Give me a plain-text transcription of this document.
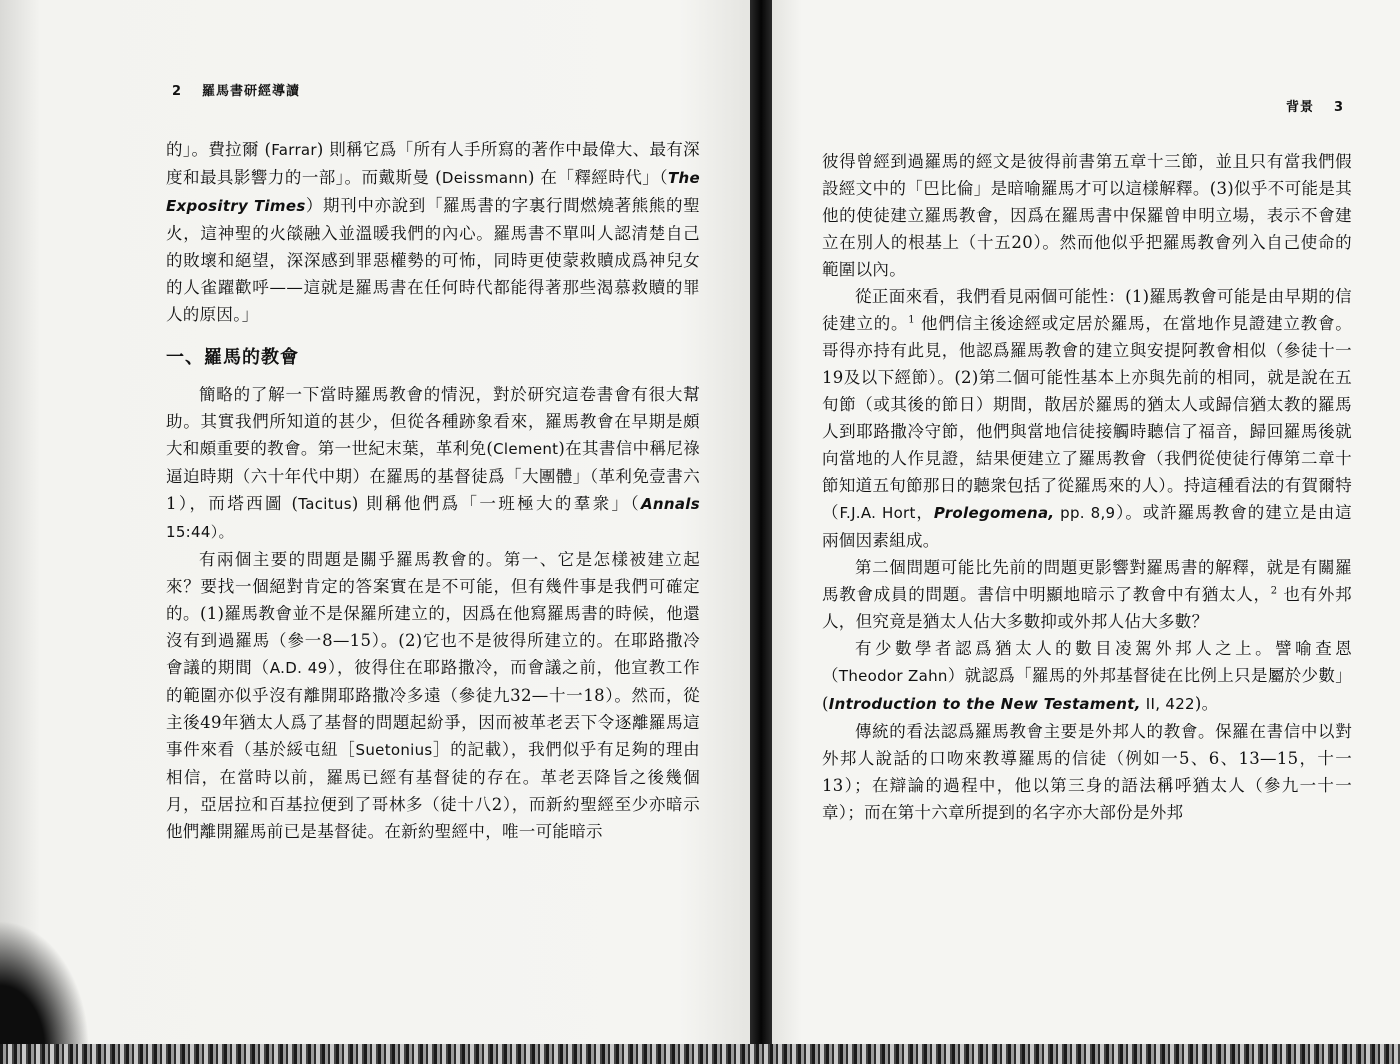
2 羅馬書研經導讀

的」。費拉爾 (Farrar) 則稱它爲「所有人手所寫的著作中最偉大、最有深度和最具影響力的一部」。而戴斯曼 (Deissmann) 在「釋經時代」（The Expositry Times）期刊中亦說到「羅馬書的字裏行間燃燒著熊熊的聖火，這神聖的火燄融入並溫暖我們的內心。羅馬書不單叫人認清楚自己的敗壞和絕望，深深感到罪惡權勢的可怖，同時更使蒙救贖成爲神兒女的人雀躍歡呼——這就是羅馬書在任何時代都能得著那些渴慕救贖的罪人的原因。」

一、羅馬的教會

簡略的了解一下當時羅馬教會的情況，對於研究這卷書會有很大幫助。其實我們所知道的甚少，但從各種跡象看來，羅馬教會在早期是頗大和頗重要的教會。第一世紀末葉，革利免(Clement)在其書信中稱尼祿逼迫時期（六十年代中期）在羅馬的基督徒爲「大團體」（革利免壹書六1），而塔西圖 (Tacitus) 則稱他們爲「一班極大的羣衆」（Annals 15:44）。

有兩個主要的問題是關乎羅馬教會的。第一、它是怎樣被建立起來？要找一個絕對肯定的答案實在是不可能，但有幾件事是我們可確定的。(1)羅馬教會並不是保羅所建立的，因爲在他寫羅馬書的時候，他還沒有到過羅馬（參一8—15）。(2)它也不是彼得所建立的。在耶路撒冷會議的期間（A.D. 49），彼得住在耶路撒冷，而會議之前，他宣教工作的範圍亦似乎沒有離開耶路撒冷多遠（參徒九32—十一18）。然而，從主後49年猶太人爲了基督的問題起紛爭，因而被革老丟下令逐離羅馬這事件來看（基於綏屯紐［Suetonius］的記載），我們似乎有足夠的理由相信，在當時以前，羅馬已經有基督徒的存在。革老丟降旨之後幾個月，亞居拉和百基拉便到了哥林多（徒十八2），而新約聖經至少亦暗示他們離開羅馬前已是基督徒。在新約聖經中，唯一可能暗示

背景 3

彼得曾經到過羅馬的經文是彼得前書第五章十三節，並且只有當我們假設經文中的「巴比倫」是暗喻羅馬才可以這樣解釋。(3)似乎不可能是其他的使徒建立羅馬教會，因爲在羅馬書中保羅曾申明立場，表示不會建立在別人的根基上（十五20）。然而他似乎把羅馬教會列入自己使命的範圍以內。

從正面來看，我們看見兩個可能性：(1)羅馬教會可能是由早期的信徒建立的。$^1$ 他們信主後途經或定居於羅馬，在當地作見證建立教會。哥得亦持有此見，他認爲羅馬教會的建立與安提阿教會相似（參徒十一19及以下經節）。(2)第二個可能性基本上亦與先前的相同，就是說在五旬節（或其後的節日）期間，散居於羅馬的猶太人或歸信猶太教的羅馬人到耶路撒冷守節，他們與當地信徒接觸時聽信了福音，歸回羅馬後就向當地的人作見證，結果便建立了羅馬教會（我們從使徒行傳第二章十節知道五旬節那日的聽衆包括了從羅馬來的人）。持這種看法的有賀爾特（F.J.A. Hort，Prolegomena, pp. 8,9）。或許羅馬教會的建立是由這兩個因素組成。

第二個問題可能比先前的問題更影響對羅馬書的解釋，就是有關羅馬教會成員的問題。書信中明顯地暗示了教會中有猶太人，$^2$ 也有外邦人，但究竟是猶太人佔大多數抑或外邦人佔大多數？

有少數學者認爲猶太人的數目凌駕外邦人之上。譬喻查恩（Theodor Zahn）就認爲「羅馬的外邦基督徒在比例上只是屬於少數」(Introduction to the New Testament, II, 422)。

傳統的看法認爲羅馬教會主要是外邦人的教會。保羅在書信中以對外邦人說話的口吻來教導羅馬的信徒（例如一5、6、13—15，十一13）；在辯論的過程中，他以第三身的語法稱呼猶太人（參九一十一章）；而在第十六章所提到的名字亦大部份是外邦
